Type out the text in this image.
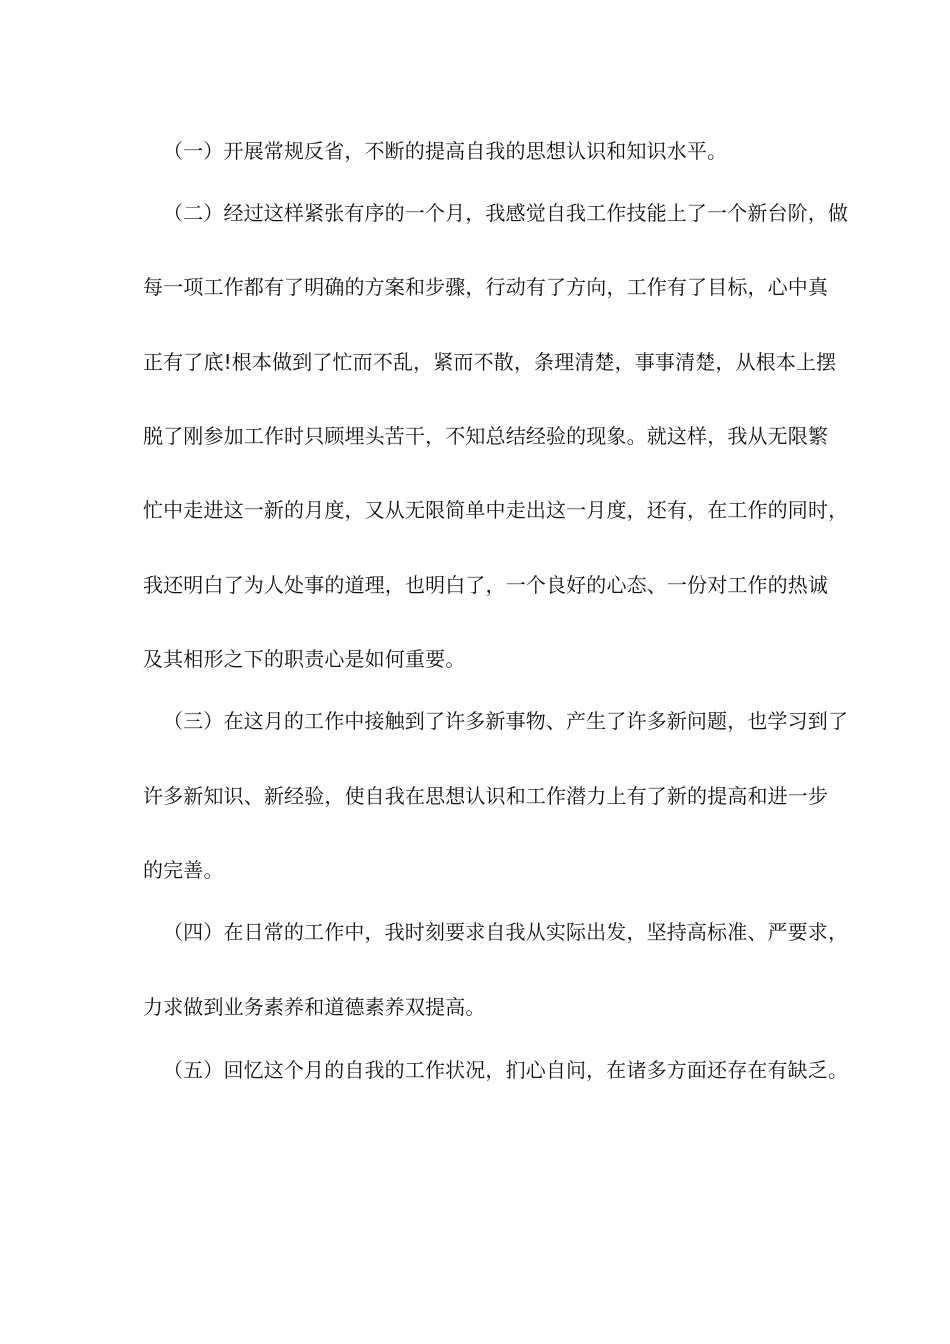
（一）开展常规反省，不断的提高自我的思想认识和知识水平。
（二）经过这样紧张有序的一个月，我感觉自我工作技能上了一个新台阶，做
每一项工作都有了明确的方案和步骤，行动有了方向，工作有了目标，心中真
正有了底!根本做到了忙而不乱，紧而不散，条理清楚，事事清楚，从根本上摆
脱了刚参加工作时只顾埋头苦干，不知总结经验的现象。就这样，我从无限繁
忙中走进这一新的月度，又从无限简单中走出这一月度，还有，在工作的同时，
我还明白了为人处事的道理，也明白了，一个良好的心态、一份对工作的热诚
及其相形之下的职责心是如何重要。
（三）在这月的工作中接触到了许多新事物、产生了许多新问题，也学习到了
许多新知识、新经验，使自我在思想认识和工作潜力上有了新的提高和进一步
的完善。
（四）在日常的工作中，我时刻要求自我从实际出发，坚持高标准、严要求，
力求做到业务素养和道德素养双提高。
（五）回忆这个月的自我的工作状况，扪心自问，在诸多方面还存在有缺乏。
